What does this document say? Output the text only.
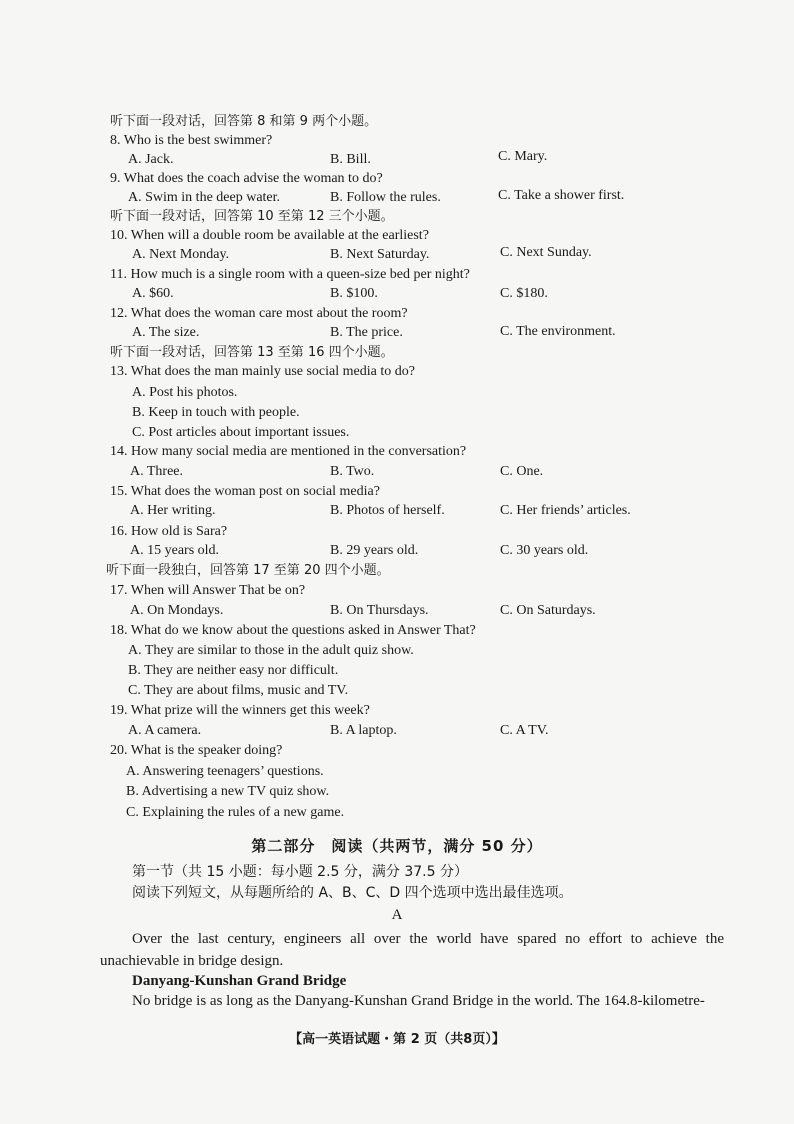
听下面一段对话，回答第 8 和第 9 两个小题。
8. Who is the best swimmer?
A. Jack.	B. Bill.	C. Mary.
9. What does the coach advise the woman to do?
A. Swim in the deep water.	B. Follow the rules.	C. Take a shower first.
听下面一段对话，回答第 10 至第 12 三个小题。
10. When will a double room be available at the earliest?
A. Next Monday.	B. Next Saturday.	C. Next Sunday.
11. How much is a single room with a queen-size bed per night?
A. $60.	B. $100.	C. $180.
12. What does the woman care most about the room?
A. The size.	B. The price.	C. The environment.
听下面一段对话，回答第 13 至第 16 四个小题。
13. What does the man mainly use social media to do?
A. Post his photos.
B. Keep in touch with people.
C. Post articles about important issues.
14. How many social media are mentioned in the conversation?
A. Three.	B. Two.	C. One.
15. What does the woman post on social media?
A. Her writing.	B. Photos of herself.	C. Her friends’ articles.
16. How old is Sara?
A. 15 years old.	B. 29 years old.	C. 30 years old.
听下面一段独白，回答第 17 至第 20 四个小题。
17. When will Answer That be on?
A. On Mondays.	B. On Thursdays.	C. On Saturdays.
18. What do we know about the questions asked in Answer That?
A. They are similar to those in the adult quiz show.
B. They are neither easy nor difficult.
C. They are about films, music and TV.
19. What prize will the winners get this week?
A. A camera.	B. A laptop.	C. A TV.
20. What is the speaker doing?
A. Answering teenagers’ questions.
B. Advertising a new TV quiz show.
C. Explaining the rules of a new game.
第二部分　阅读（共两节，满分 50 分）
第一节（共 15 小题：每小题 2.5 分，满分 37.5 分）
阅读下列短文，从每题所给的 A、B、C、D 四个选项中选出最佳选项。
A
Over the last century, engineers all over the world have spared no effort to achieve the unachievable in bridge design.
Danyang-Kunshan Grand Bridge
No bridge is as long as the Danyang-Kunshan Grand Bridge in the world. The 164.8-kilometre-
【高一英语试题・第 2 页（共8页）】
